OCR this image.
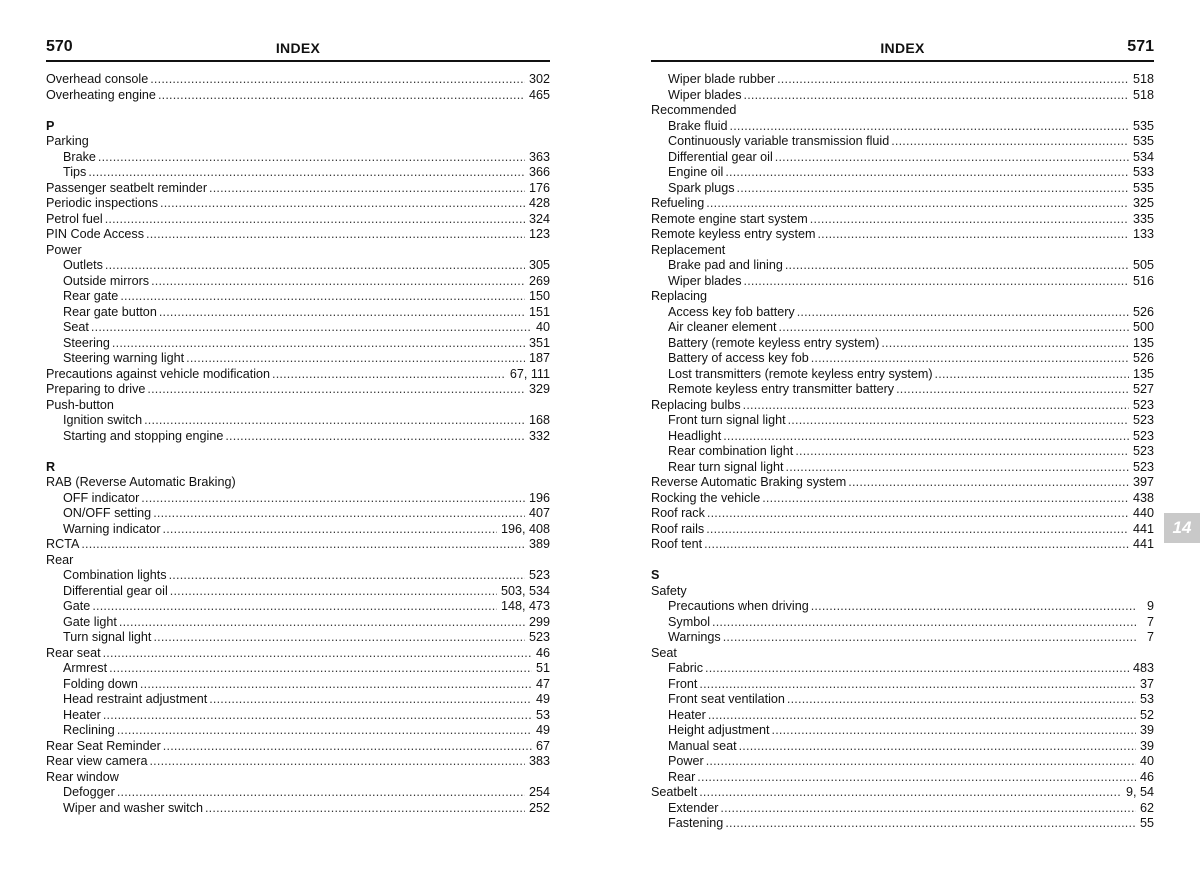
570	INDEX
Overhead console .....	302
Overheating engine .....	465
P
Parking
Brake .....	363
Tips .....	366
Passenger seatbelt reminder .....	176
Periodic inspections .....	428
Petrol fuel .....	324
PIN Code Access .....	123
Power
Outlets .....	305
Outside mirrors .....	269
Rear gate .....	150
Rear gate button .....	151
Seat .....	40
Steering .....	351
Steering warning light .....	187
Precautions against vehicle modification .....	67, 111
Preparing to drive .....	329
Push-button
Ignition switch .....	168
Starting and stopping engine .....	332
R
RAB (Reverse Automatic Braking)
OFF indicator .....	196
ON/OFF setting .....	407
Warning indicator .....	196, 408
RCTA .....	389
Rear
Combination lights .....	523
Differential gear oil .....	503, 534
Gate .....	148, 473
Gate light .....	299
Turn signal light .....	523
Rear seat .....	46
Armrest .....	51
Folding down .....	47
Head restraint adjustment .....	49
Heater .....	53
Reclining .....	49
Rear Seat Reminder .....	67
Rear view camera .....	383
Rear window
Defogger .....	254
Wiper and washer switch .....	252
INDEX	571
Wiper blade rubber .....	518
Wiper blades .....	518
Recommended
Brake fluid .....	535
Continuously variable transmission fluid .....	535
Differential gear oil .....	534
Engine oil .....	533
Spark plugs .....	535
Refueling .....	325
Remote engine start system .....	335
Remote keyless entry system .....	133
Replacement
Brake pad and lining .....	505
Wiper blades .....	516
Replacing
Access key fob battery .....	526
Air cleaner element .....	500
Battery (remote keyless entry system) .....	135
Battery of access key fob .....	526
Lost transmitters (remote keyless entry system) .....	135
Remote keyless entry transmitter battery .....	527
Replacing bulbs .....	523
Front turn signal light .....	523
Headlight .....	523
Rear combination light .....	523
Rear turn signal light .....	523
Reverse Automatic Braking system .....	397
Rocking the vehicle .....	438
Roof rack .....	440
Roof rails .....	441
Roof tent .....	441
S
Safety
Precautions when driving .....	9
Symbol .....	7
Warnings .....	7
Seat
Fabric .....	483
Front .....	37
Front seat ventilation .....	53
Heater .....	52
Height adjustment .....	39
Manual seat .....	39
Power .....	40
Rear .....	46
Seatbelt .....	9, 54
Extender .....	62
Fastening .....	55
14
